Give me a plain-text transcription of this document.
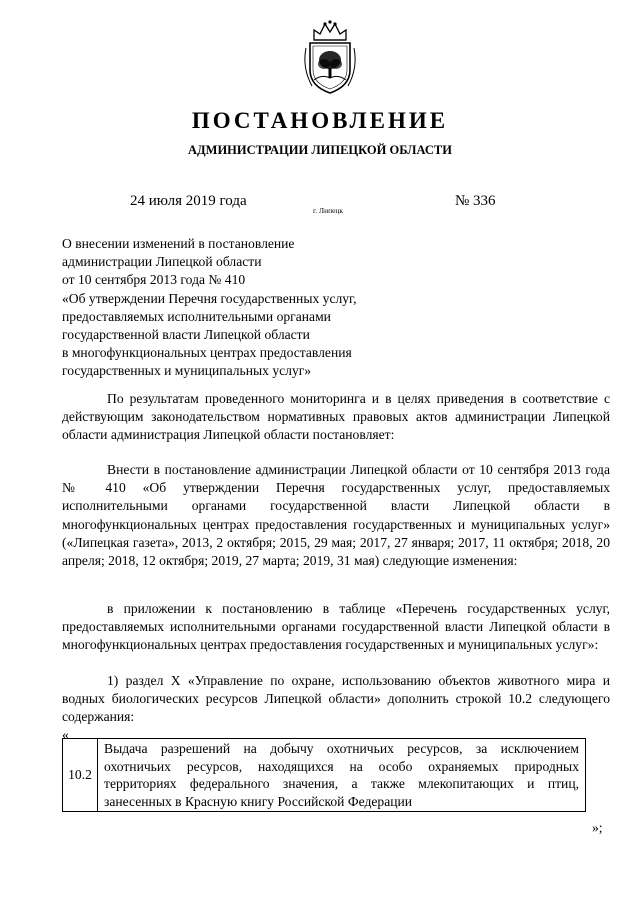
ПОСТАНОВЛЕНИЕ
АДМИНИСТРАЦИИ ЛИПЕЦКОЙ ОБЛАСТИ
24 июля 2019 года
г. Липецк
№ 336
О внесении изменений в постановление
администрации Липецкой области
от 10 сентября 2013 года № 410
«Об утверждении Перечня государственных услуг,
предоставляемых исполнительными органами
государственной власти Липецкой области
в многофункциональных центрах предоставления
государственных и муниципальных услуг»
По результатам проведенного мониторинга и в целях приведения в соответствие с действующим законодательством нормативных правовых актов администрации Липецкой области администрация Липецкой области постановляет:
Внести в постановление администрации Липецкой области от 10 сентября 2013 года № 410 «Об утверждении Перечня государственных услуг, предоставляемых исполнительными органами государственной власти Липецкой области в многофункциональных центрах предоставления государственных и муниципальных услуг» («Липецкая газета», 2013, 2 октября; 2015, 29 мая; 2017, 27 января; 2017, 11 октября; 2018, 20 апреля; 2018, 12 октября; 2019, 27 марта; 2019, 31 мая) следующие изменения:
в приложении к постановлению в таблице «Перечень государственных услуг, предоставляемых исполнительными органами государственной власти Липецкой области в многофункциональных центрах предоставления государственных и муниципальных услуг»:
1) раздел X «Управление по охране, использованию объектов животного мира и водных биологических ресурсов Липецкой области» дополнить строкой 10.2 следующего содержания:
«
10.2	Выдача разрешений на добычу охотничьих ресурсов, за исключением охотничьих ресурсов, находящихся на особо охраняемых природных территориях федерального значения, а также млекопитающих и птиц, занесенных в Красную книгу Российской Федерации
»;
